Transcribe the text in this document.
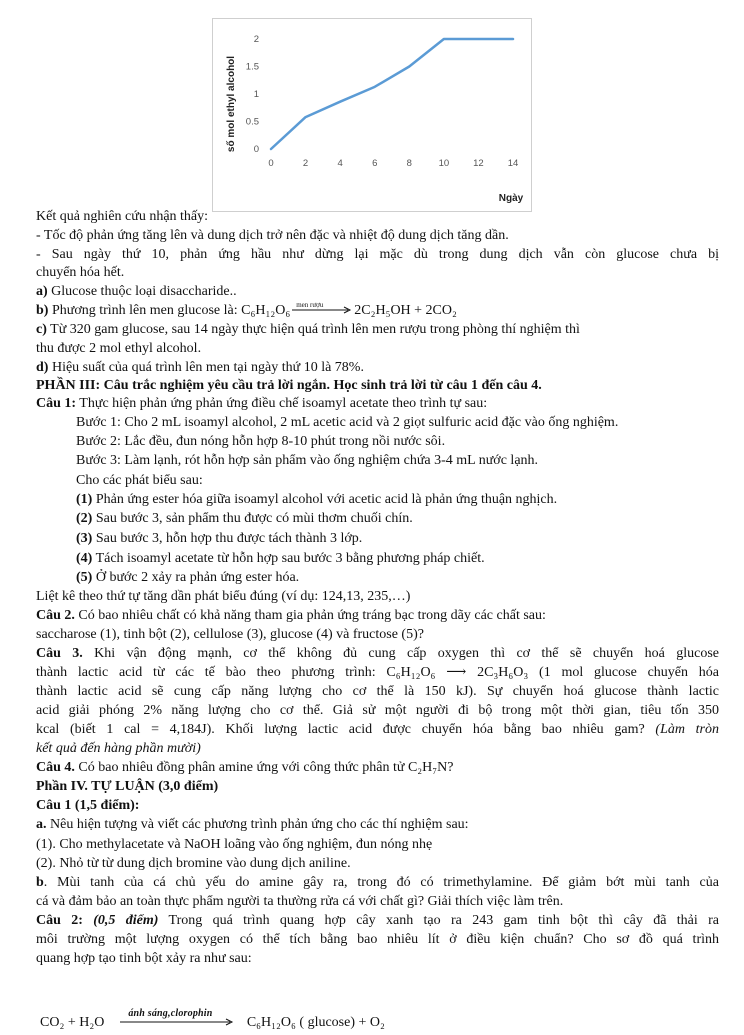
0
0.5
1
1.5
2
0	2	4	6	8	10	12	14
số mol ethyl alcohol
Ngày
Kết quả nghiên cứu nhận thấy:
- Tốc độ phản ứng tăng lên và dung dịch trở nên đặc và nhiệt độ dung dịch tăng dần.
- Sau ngày thứ 10, phản ứng hầu như dừng lại mặc dù trong dung dịch vẫn còn glucose chưa bị
chuyển hóa hết.
a) Glucose thuộc loại disaccharide..
b) Phương trình lên men glucose là: C₆H₁₂O₆ men rượu 2C₂H₅OH + 2CO₂
c) Từ 320 gam glucose, sau 14 ngày thực hiện quá trình lên men rượu trong phòng thí nghiệm thì
thu được 2 mol ethyl alcohol.
d) Hiệu suất của quá trình lên men tại ngày thứ 10 là 78%.
PHẦN III: Câu trắc nghiệm yêu cầu trả lời ngắn. Học sinh trả lời từ câu 1 đến câu 4.
Câu 1: Thực hiện phản ứng phản ứng điều chế isoamyl acetate theo trình tự sau:
Bước 1: Cho 2 mL isoamyl alcohol, 2 mL acetic acid và 2 giọt sulfuric acid đặc vào ống nghiệm.
Bước 2: Lắc đều, đun nóng hỗn hợp 8-10 phút trong nồi nước sôi.
Bước 3: Làm lạnh, rót hỗn hợp sản phẩm vào ống nghiệm chứa 3-4 mL nước lạnh.
Cho các phát biểu sau:
(1) Phản ứng ester hóa giữa isoamyl alcohol với acetic acid là phản ứng thuận nghịch.
(2) Sau bước 3, sản phẩm thu được có mùi thơm chuối chín.
(3) Sau bước 3, hỗn hợp thu được tách thành 3 lớp.
(4) Tách isoamyl acetate từ hỗn hợp sau bước 3 bằng phương pháp chiết.
(5) Ở bước 2 xảy ra phản ứng ester hóa.
Liệt kê theo thứ tự tăng dần phát biểu đúng (ví dụ: 124,13, 235,…)
Câu 2. Có bao nhiêu chất có khả năng tham gia phản ứng tráng bạc trong dãy các chất sau:
saccharose (1), tinh bột (2), cellulose (3), glucose (4) và fructose (5)?
Câu 3. Khi vận động mạnh, cơ thể không đủ cung cấp oxygen thì cơ thể sẽ chuyển hoá glucose
thành lactic acid từ các tế bào theo phương trình: C₆H₁₂O₆ ⟶ 2C₃H₆O₃ (1 mol glucose chuyển hóa
thành lactic acid sẽ cung cấp năng lượng cho cơ thể là 150 kJ). Sự chuyển hoá glucose thành lactic
acid giải phóng 2% năng lượng cho cơ thể. Giả sử một người đi bộ trong một thời gian, tiêu tốn 350
kcal (biết 1 cal = 4,184J). Khối lượng lactic acid được chuyển hóa bằng bao nhiêu gam? (Làm tròn
kết quả đến hàng phần mười)
Câu 4. Có bao nhiêu đồng phân amine ứng với công thức phân tử C₂H₇N?
Phần IV. TỰ LUẬN (3,0 điểm)
Câu 1 (1,5 điểm):
a. Nêu hiện tượng và viết các phương trình phản ứng cho các thí nghiệm sau:
(1). Cho methylacetate và NaOH loãng vào ống nghiệm, đun nóng nhẹ
(2). Nhỏ từ từ dung dịch bromine vào dung dịch aniline.
b. Mùi tanh của cá chủ yếu do amine gây ra, trong đó có trimethylamine. Để giảm bớt mùi tanh của
cá và đảm bảo an toàn thực phẩm người ta thường rửa cá với chất gì? Giải thích việc làm trên.
Câu 2: (0,5 điểm) Trong quá trình quang hợp cây xanh tạo ra 243 gam tinh bột thì cây đã thải ra
môi trường một lượng oxygen có thể tích bằng bao nhiêu lít ở điều kiện chuẩn? Cho sơ đồ quá trình
quang hợp tạo tinh bột xảy ra như sau:
CO₂ + H₂O
ánh sáng,clorophin
C₆H₁₂O₆ ( glucose) + O₂
